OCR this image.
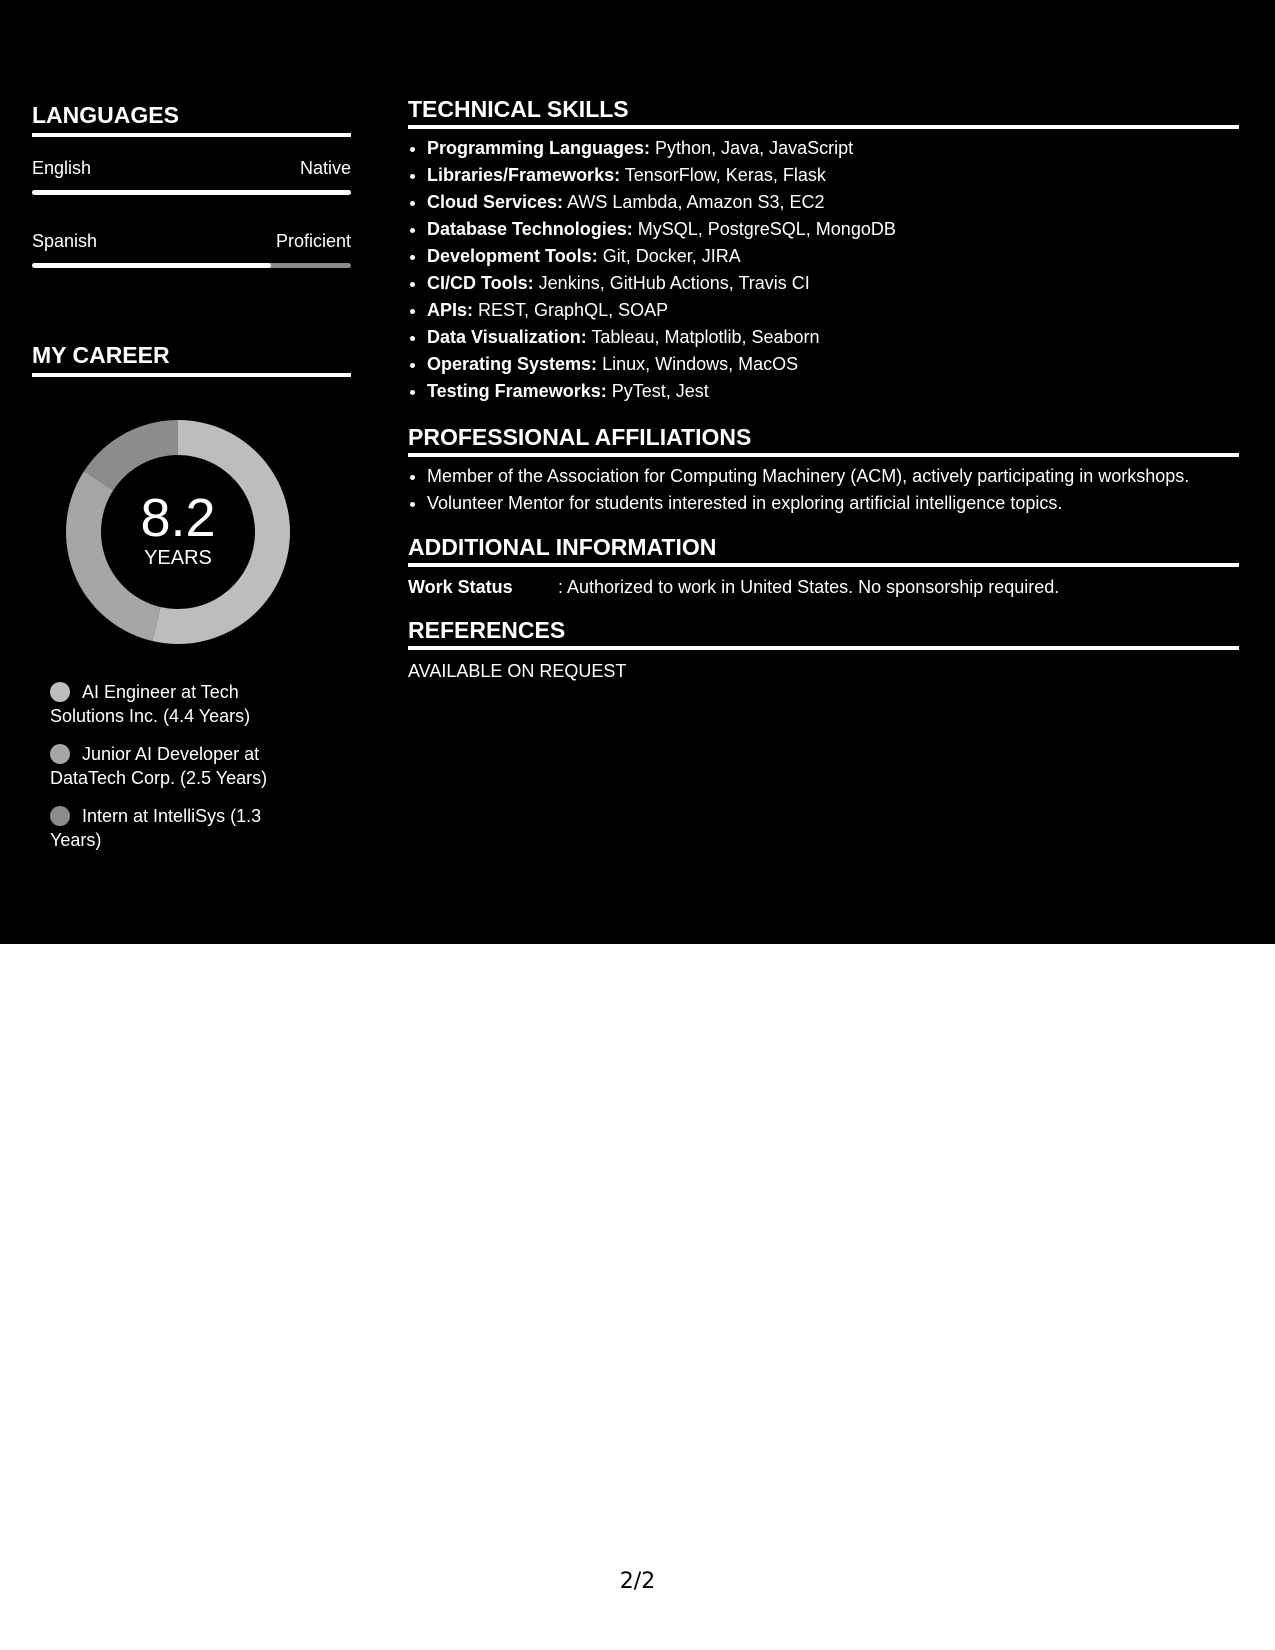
LANGUAGES
English	Native
Spanish	Proficient
MY CAREER
8.2
YEARS
AI Engineer at Tech Solutions Inc. (4.4 Years)
Junior AI Developer at DataTech Corp. (2.5 Years)
Intern at IntelliSys (1.3 Years)
TECHNICAL SKILLS
• Programming Languages: Python, Java, JavaScript
• Libraries/Frameworks: TensorFlow, Keras, Flask
• Cloud Services: AWS Lambda, Amazon S3, EC2
• Database Technologies: MySQL, PostgreSQL, MongoDB
• Development Tools: Git, Docker, JIRA
• CI/CD Tools: Jenkins, GitHub Actions, Travis CI
• APIs: REST, GraphQL, SOAP
• Data Visualization: Tableau, Matplotlib, Seaborn
• Operating Systems: Linux, Windows, MacOS
• Testing Frameworks: PyTest, Jest
PROFESSIONAL AFFILIATIONS
• Member of the Association for Computing Machinery (ACM), actively participating in workshops.
• Volunteer Mentor for students interested in exploring artificial intelligence topics.
ADDITIONAL INFORMATION
Work Status	: Authorized to work in United States. No sponsorship required.
REFERENCES
AVAILABLE ON REQUEST
2/2
